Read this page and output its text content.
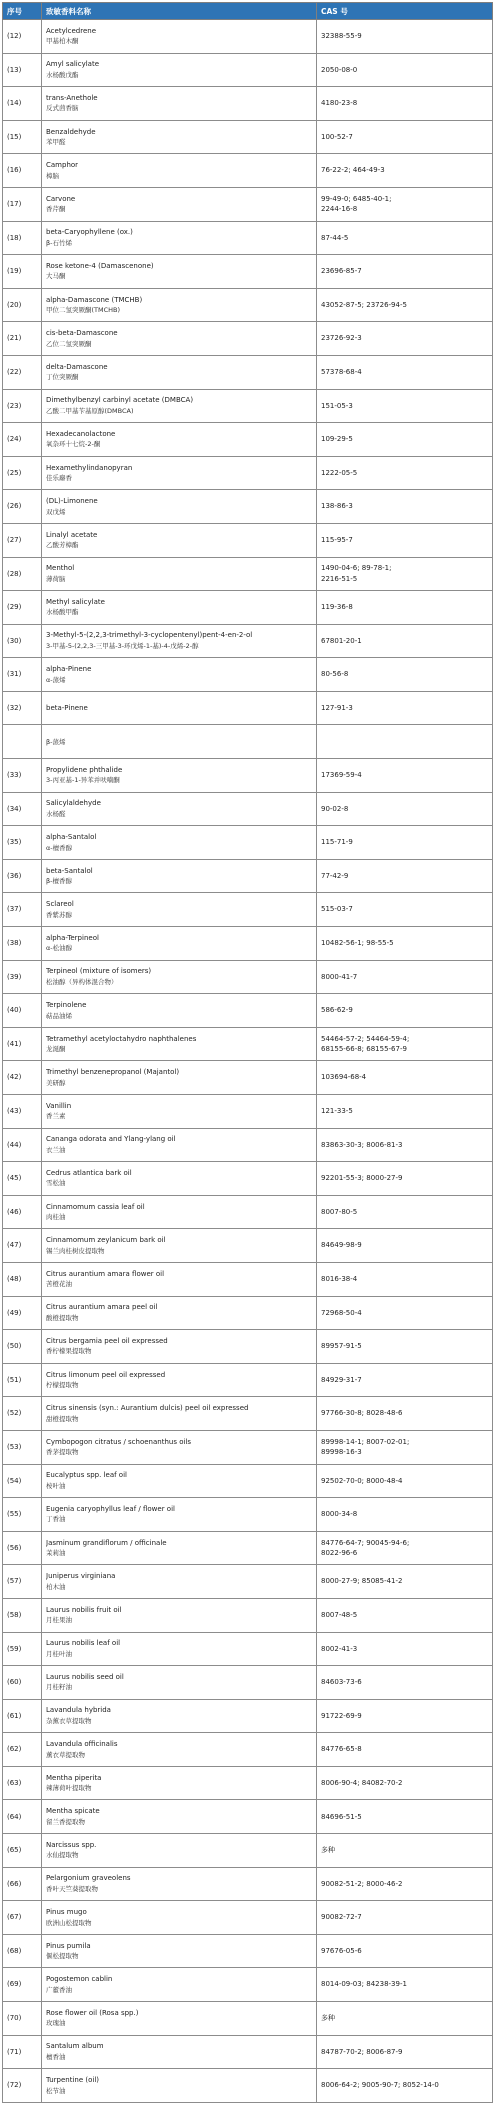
序号	致敏香料名称	CAS 号
(12)	Acetylcedrene
甲基柏木酮	32388-55-9

(13)	Amyl salicylate
水杨酸戊酯	2050-08-0

(14)	trans-Anethole
反式茴香脑	4180-23-8

(15)	Benzaldehyde
苯甲醛	100-52-7

(16)	Camphor
樟脑	76-22-2; 464-49-3

(17)	Carvone
香芹酮	99-49-0; 6485-40-1;
2244-16-8

(18)	beta-Caryophyllene (ox.)
β-石竹烯	87-44-5

(19)	Rose ketone-4 (Damascenone)
大马酮	23696-85-7

(20)	alpha-Damascone (TMCHB)
甲位二氢突厥酮(TMCHB)	43052-87-5; 23726-94-5

(21)	cis-beta-Damascone
乙位二氢突厥酮	23726-92-3

(22)	delta-Damascone
丁位突厥酮	57378-68-4

(23)	Dimethylbenzyl carbinyl acetate (DMBCA)
乙酸二甲基苄基原醇(DMBCA)	151-05-3

(24)	Hexadecanolactone
氧杂环十七烷-2-酮	109-29-5

(25)	Hexamethylindanopyran
佳乐麝香	1222-05-5

(26)	(DL)-Limonene
双戊烯	138-86-3

(27)	Linalyl acetate
乙酸芳樟酯	115-95-7

(28)	Menthol
薄荷脑	1490-04-6; 89-78-1;
2216-51-5

(29)	Methyl salicylate
水杨酸甲酯	119-36-8

(30)	3-Methyl-5-(2,2,3-trimethyl-3-cyclopentenyl)pent-4-en-2-ol
3-甲基-5-(2,2,3-三甲基-3-环戊烯-1-基)-4-戊烯-2-醇	67801-20-1

(31)	alpha-Pinene
α-蒎烯	80-56-8

(32)	beta-Pinene	127-91-3

	β-蒎烯	

(33)	Propylidene phthalide
3-丙亚基-1-异苯并呋喃酮	17369-59-4

(34)	Salicylaldehyde
水杨醛	90-02-8

(35)	alpha-Santalol
α-檀香醇	115-71-9

(36)	beta-Santalol
β-檀香醇	77-42-9

(37)	Sclareol
香紫苏醇	515-03-7

(38)	alpha-Terpineol
α-松油醇	10482-56-1; 98-55-5

(39)	Terpineol (mixture of isomers)
松油醇（异构体混合物）	8000-41-7

(40)	Terpinolene
萜品油烯	586-62-9

(41)	Tetramethyl acetyloctahydro naphthalenes
龙涎酮	54464-57-2; 54464-59-4;
68155-66-8; 68155-67-9

(42)	Trimethyl benzenepropanol (Majantol)
美研醇	103694-68-4

(43)	Vanillin
香兰素	121-33-5

(44)	Cananga odorata and Ylang-ylang oil
衣兰油	83863-30-3; 8006-81-3

(45)	Cedrus atlantica bark oil
雪松油	92201-55-3; 8000-27-9

(46)	Cinnamomum cassia leaf oil
肉桂油	8007-80-5

(47)	Cinnamomum zeylanicum bark oil
锡兰肉桂树皮提取物	84649-98-9

(48)	Citrus aurantium amara flower oil
苦橙花油	8016-38-4

(49)	Citrus aurantium amara peel oil
酸橙提取物	72968-50-4

(50)	Citrus bergamia peel oil expressed
香柠檬果提取物	89957-91-5

(51)	Citrus limonum peel oil expressed
柠檬提取物	84929-31-7

(52)	Citrus sinensis (syn.: Aurantium dulcis) peel oil expressed
甜橙提取物	97766-30-8; 8028-48-6

(53)	Cymbopogon citratus / schoenanthus oils
香茅提取物	89998-14-1; 8007-02-01;
89998-16-3

(54)	Eucalyptus spp. leaf oil
桉叶油	92502-70-0; 8000-48-4

(55)	Eugenia caryophyllus leaf / flower oil
丁香油	8000-34-8

(56)	Jasminum grandiflorum / officinale
茉莉油	84776-64-7; 90045-94-6;
8022-96-6

(57)	Juniperus virginiana
柏木油	8000-27-9; 85085-41-2

(58)	Laurus nobilis fruit oil
月桂果油	8007-48-5

(59)	Laurus nobilis leaf oil
月桂叶油	8002-41-3

(60)	Laurus nobilis seed oil
月桂籽油	84603-73-6

(61)	Lavandula hybrida
杂薰衣草提取物	91722-69-9

(62)	Lavandula officinalis
薰衣草提取物	84776-65-8

(63)	Mentha piperita
辣薄荷叶提取物	8006-90-4; 84082-70-2

(64)	Mentha spicate
留兰香提取物	84696-51-5

(65)	Narcissus spp.
水仙提取物	多种

(66)	Pelargonium graveolens
香叶天竺葵提取物	90082-51-2; 8000-46-2

(67)	Pinus mugo
欧洲山松提取物	90082-72-7

(68)	Pinus pumila
偃松提取物	97676-05-6

(69)	Pogostemon cablin
广藿香油	8014-09-03; 84238-39-1

(70)	Rose flower oil (Rosa spp.)
玫瑰油	多种

(71)	Santalum album
檀香油	84787-70-2; 8006-87-9

(72)	Turpentine (oil)
松节油	8006-64-2; 9005-90-7; 8052-14-0
